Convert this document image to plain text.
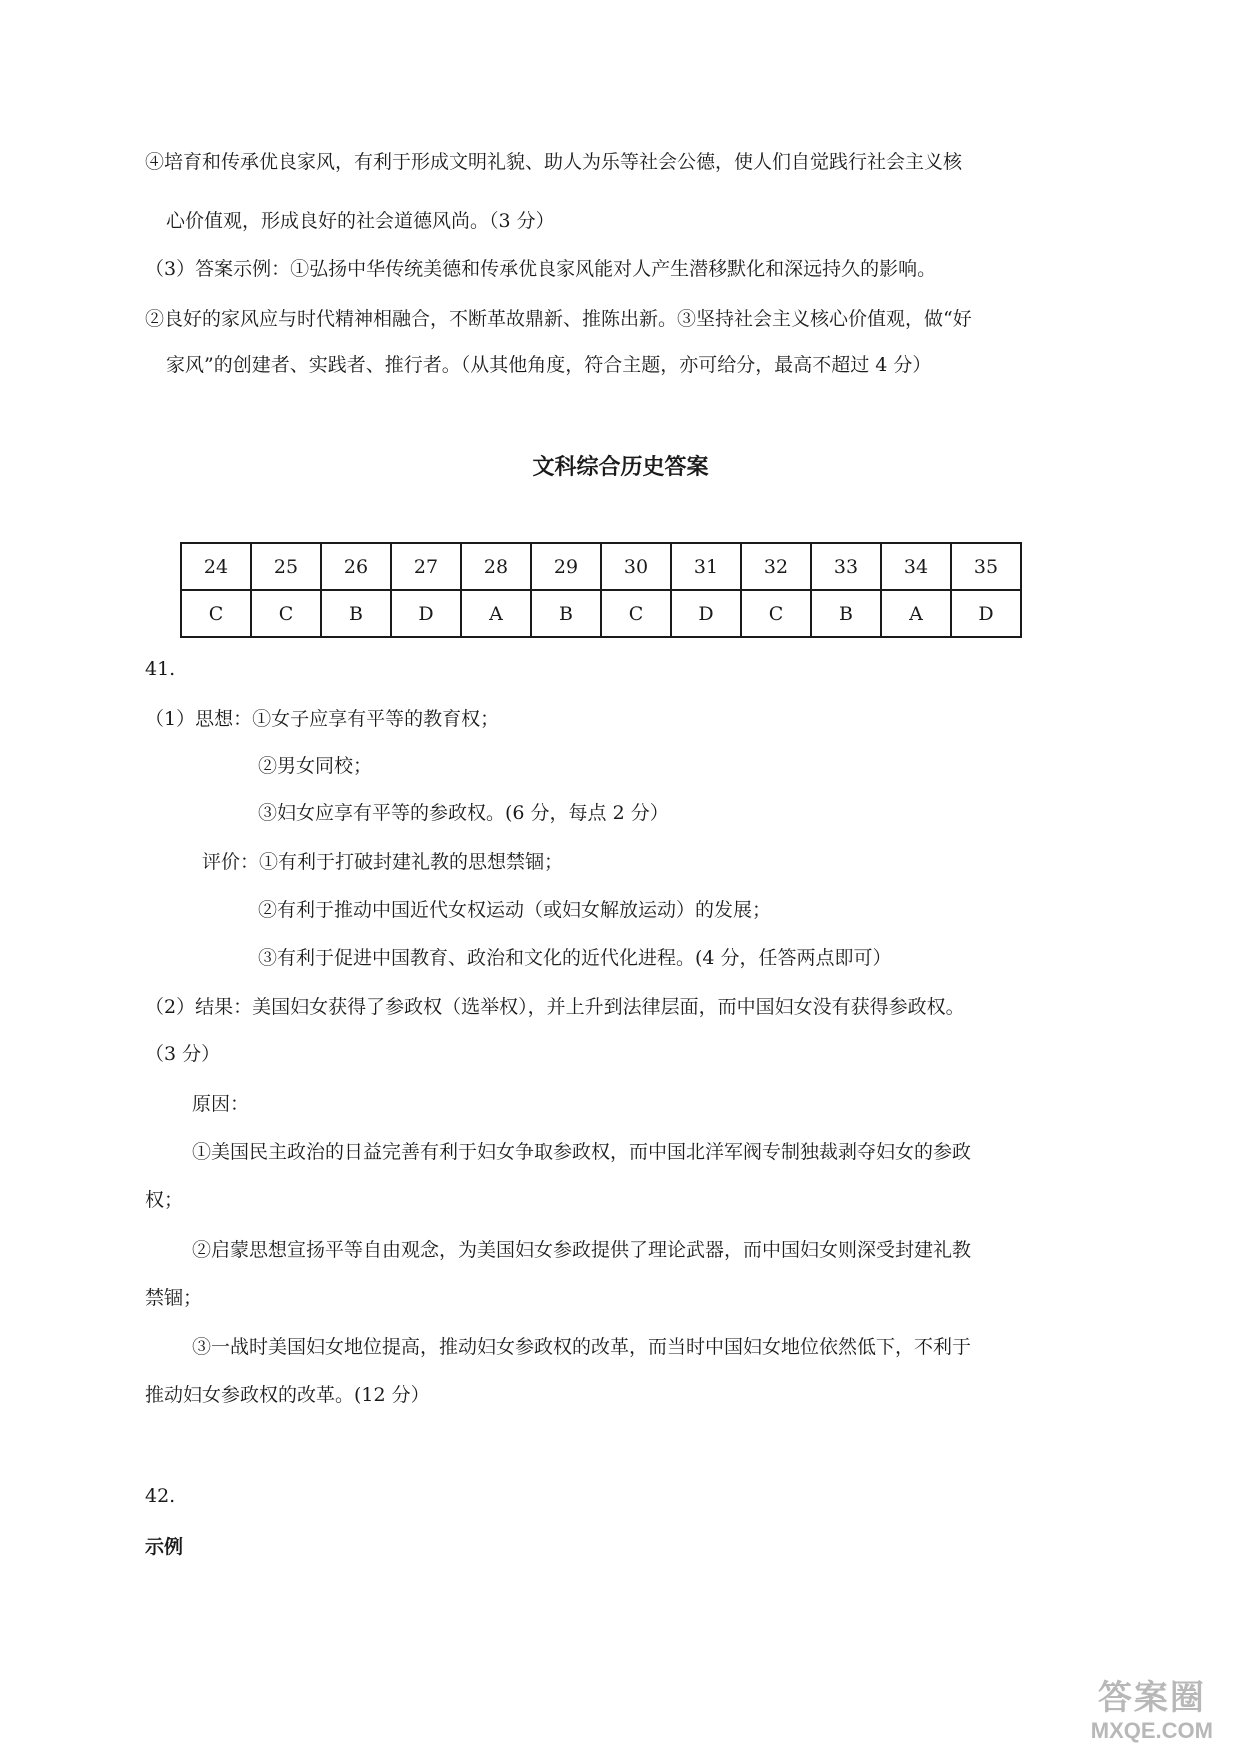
④培育和传承优良家风，有利于形成文明礼貌、助人为乐等社会公德，使人们自觉践行社会主义核
心价值观，形成良好的社会道德风尚。（3 分）
（3）答案示例：①弘扬中华传统美德和传承优良家风能对人产生潜移默化和深远持久的影响。
②良好的家风应与时代精神相融合，不断革故鼎新、推陈出新。③坚持社会主义核心价值观，做“好
家风”的创建者、实践者、推行者。（从其他角度，符合主题，亦可给分，最高不超过 4 分）
文科综合历史答案
24	25	26	27	28	29	30	31	32	33	34	35
C	C	B	D	A	B	C	D	C	B	A	D
41.
（1）思想：①女子应享有平等的教育权；
②男女同校；
③妇女应享有平等的参政权。(6 分，每点 2 分）
评价：①有利于打破封建礼教的思想禁锢；
②有利于推动中国近代女权运动（或妇女解放运动）的发展；
③有利于促进中国教育、政治和文化的近代化进程。(4 分，任答两点即可）
（2）结果：美国妇女获得了参政权（选举权），并上升到法律层面，而中国妇女没有获得参政权。
（3 分）
原因：
①美国民主政治的日益完善有利于妇女争取参政权，而中国北洋军阀专制独裁剥夺妇女的参政
权；
②启蒙思想宣扬平等自由观念，为美国妇女参政提供了理论武器，而中国妇女则深受封建礼教
禁锢；
③一战时美国妇女地位提高，推动妇女参政权的改革，而当时中国妇女地位依然低下，不利于
推动妇女参政权的改革。(12 分）
42.
示例
答案圈
MXQE.COM
